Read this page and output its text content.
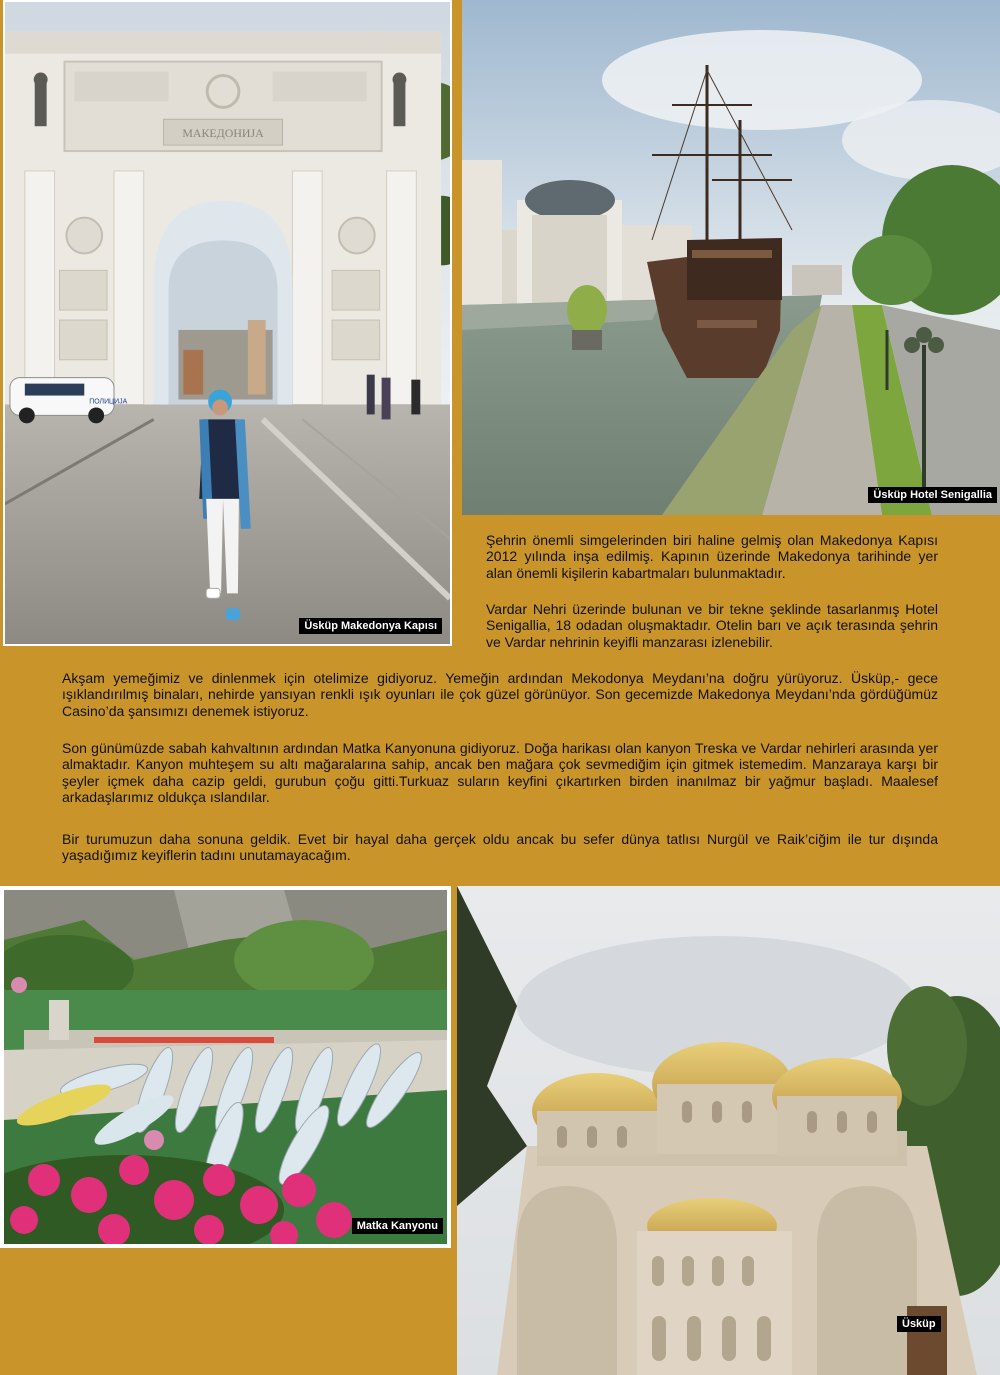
МАКЕДОНИЈА
ПОЛИЦИЈА
Üsküp Makedonya Kapısı
Üsküp Hotel Senigallia

Şehrin önemli simgelerinden biri haline gelmiş olan Makedonya Kapısı 2012 yılında inşa edilmiş. Kapının üzerinde Makedonya tarihinde yer alan önemli kişilerin kabartmaları bulunmaktadır.

Vardar Nehri üzerinde bulunan ve bir tekne şeklinde tasarlanmış Hotel Senigallia, 18 odadan oluşmaktadır. Otelin barı ve açık terasında şehrin ve Vardar nehrinin keyifli manzarası izlenebilir.

Akşam yemeğimiz ve dinlenmek için otelimize gidiyoruz. Yemeğin ardından Mekodonya Meydanı’na doğru yürüyoruz. Üsküp,- gece ışıklandırılmış binaları, nehirde yansıyan renkli ışık oyunları ile çok güzel görünüyor. Son gecemizde Makedonya Meydanı’nda gördüğümüz Casino’da şansımızı denemek istiyoruz.

Son günümüzde sabah kahvaltının ardından Matka Kanyonuna gidiyoruz. Doğa harikası olan kanyon Treska ve Vardar nehirleri arasında yer almaktadır. Kanyon muhteşem su altı mağaralarına sahip, ancak ben mağara çok sevmediğim için gitmek istemedim. Manzaraya karşı bir şeyler içmek daha cazip geldi, gurubun çoğu gitti.Turkuaz suların keyfini çıkartırken birden inanılmaz bir yağmur başladı. Maalesef arkadaşlarımız oldukça ıslandılar.

Bir turumuzun daha sonuna geldik. Evet bir hayal daha gerçek oldu ancak bu sefer dünya tatlısı Nurgül ve Raik’ciğim ile tur dışında yaşadığımız keyiflerin tadını unutamayacağım.

Matka Kanyonu
Üsküp
